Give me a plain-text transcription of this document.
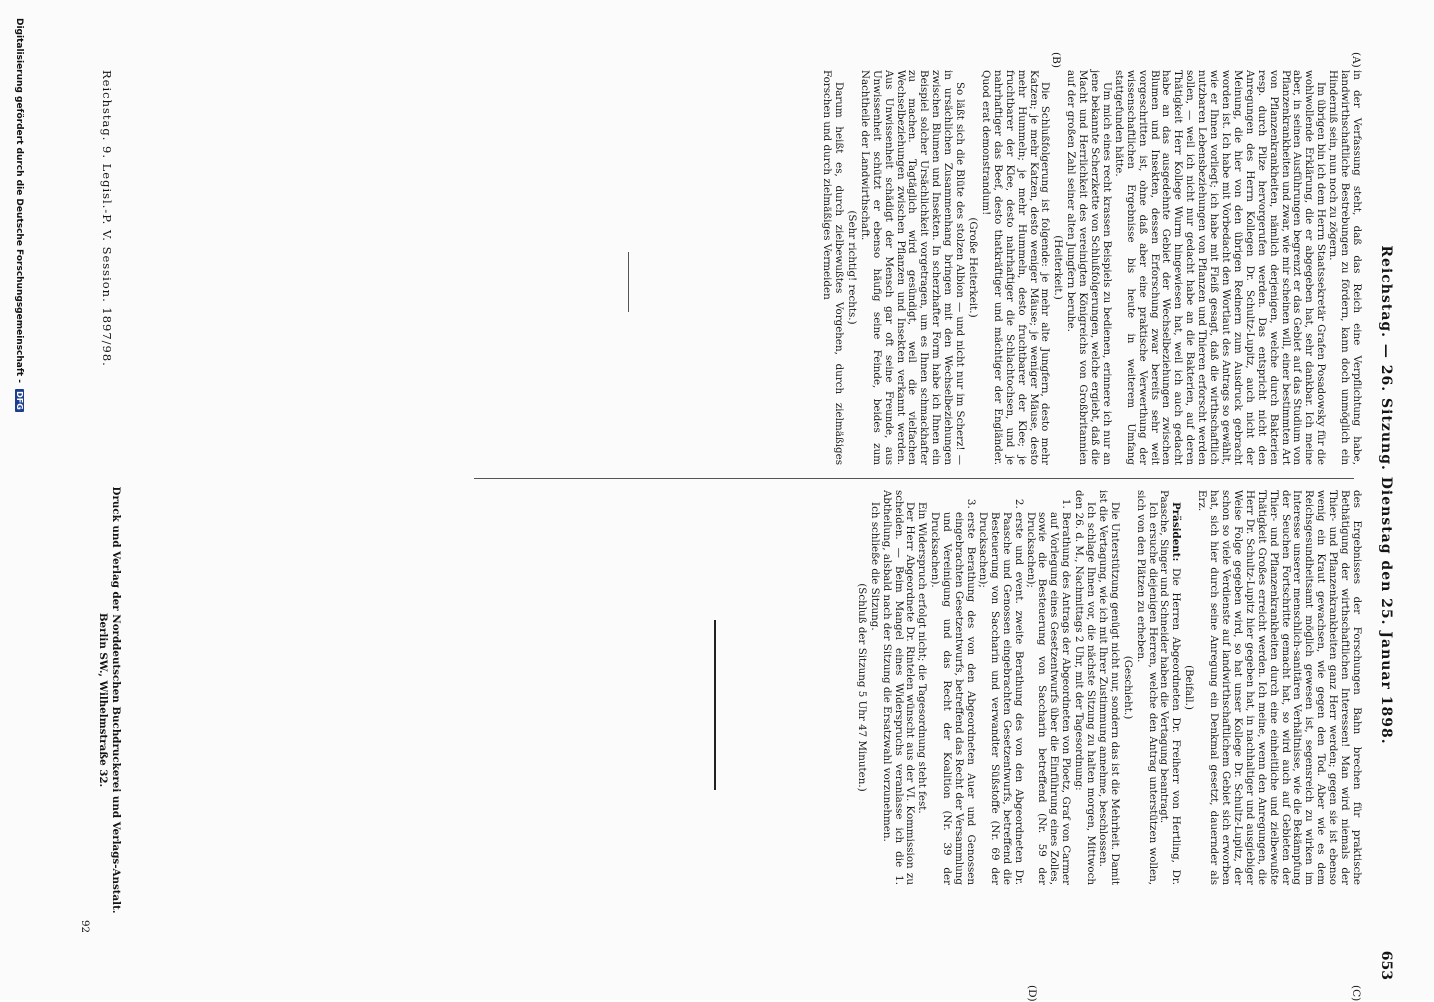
Reichstag. — 26. Sitzung. Dienstag den 25. Januar 1898.
653
(A)
(B)
(C)
(D)

in der Verfassung steht, daß das Reich eine Verpflichtung habe, landwirthschaftliche Bestrebungen zu fördern, kann doch unmöglich ein Hinderniß sein, nun noch zu zögern.

Im übrigen bin ich dem Herrn Staatssekretär Grafen Posadowsky für die wohlwollende Erklärung, die er abgegeben hat, sehr dankbar. Ich meine aber, in seinen Ausführungen begrenzt er das Gebiet auf das Studium von Pflanzenkrankheiten und zwar, wie mir scheinen will, einer bestimmten Art von Pflanzenkrankheiten, nämlich derjenigen, welche durch Bakterien resp. durch Pilze hervorgerufen werden. Das entspricht nicht den Anregungen des Herrn Kollegen Dr. Schultz-Lupitz, auch nicht der Meinung, die hier von den übrigen Rednern zum Ausdruck gebracht worden ist. Ich habe mit Vorbedacht den Wortlaut des Antrags so gewählt, wie er Ihnen vorliegt; ich habe mit Fleiß gesagt, daß die wirthschaftlich nutzbaren Lebensbeziehungen von Pflanzen und Thieren erforscht werden sollen, — weil ich nicht nur gedacht habe an die Bakterien, auf deren Thätigkeit Herr Kollege Wurm hingewiesen hat, weil ich auch gedacht habe an das ausgedehnte Gebiet der Wechselbeziehungen zwischen Blumen und Insekten, dessen Erforschung zwar bereits sehr weit vorgeschritten ist, ohne daß aber eine praktische Verwerthung der wissenschaftlichen Ergebnisse bis heute in weiterem Umfang stattgefunden hätte.

Um mich eines recht krassen Beispiels zu bedienen, erinnere ich nur an jene bekannte Scherzkette von Schlußfolgerungen, welche ergiebt, daß die Macht und Herrlichkeit des vereinigten Königreichs von Großbritannien auf der großen Zahl seiner alten Jungfern beruhe.

(Heiterkeit.)

Die Schlußfolgerung ist folgende: je mehr alte Jungfern, desto mehr Katzen; je mehr Katzen, desto weniger Mäuse; je weniger Mäuse, desto mehr Hummeln; je mehr Hummeln, desto fruchtbarer der Klee; je fruchtbarer der Klee, desto nahrhaftiger die Schlachtochsen, und je nahrhaftiger das Beef, desto thatkräftiger und mächtiger der Engländer. Quod erat demonstrandum!

(Große Heiterkeit.)

So läßt sich die Blüte des stolzen Albion — und nicht nur im Scherz! — in ursächlichen Zusammenhang bringen mit den Wechselbeziehungen zwischen Blumen und Insekten. In scherzhafter Form habe ich Ihnen ein Beispiel solcher Ursächlichkeit vorgetragen, um es Ihnen schmackhafter zu machen. Tagtäglich wird gesündigt, weil die vielfachen Wechselbeziehungen zwischen Pflanzen und Insekten verkannt werden. Aus Unwissenheit schädigt der Mensch gar oft seine Freunde, aus Unwissenheit schützt er ebenso häufig seine Feinde, beides zum Nachtheile der Landwirthschaft.

(Sehr richtig! rechts.)

Darum heißt es, durch zielbewußtes Vorgehen, durch zielmäßiges Forschen und durch zielmäßiges Vermeiden

des Ergebnisses der Forschungen Bahn brechen für praktische Bethätigung der wirthschaftlichen Interessen! Man wird niemals der Thier- und Pflanzenkrankheiten ganz Herr werden; gegen sie ist ebenso wenig ein Kraut gewachsen, wie gegen den Tod. Aber wie es dem Reichsgesundheitsamt möglich gewesen ist, segensreich zu wirken im Interesse unserer menschlich-sanitären Verhältnisse, wie die Bekämpfung der Seuchen Fortschritte gemacht hat, so wird auch auf Gebieten der Thier- und Pflanzenkrankheiten durch eine einheitliche und zielbewußte Thätigkeit Großes erreicht werden. Ich meine, wenn den Anregungen, die Herr Dr. Schultz-Lupitz hier gegeben hat, in nachhaltiger und ausgiebiger Weise Folge gegeben wird, so hat unser Kollege Dr. Schultz-Lupitz, der schon so viele Verdienste auf landwirthschaftlichem Gebiet sich erworben hat, sich hier durch seine Anregung ein Denkmal gesetzt, dauernder als Erz.

(Beifall.)

Präsident: Die Herren Abgeordneten Dr. Freiherr von Hertling, Dr. Paasche, Singer und Schneider haben die Vertagung beantragt.

Ich ersuche diejenigen Herren, welche den Antrag unterstützen wollen, sich von den Plätzen zu erheben.

(Geschieht.)

Die Unterstützung genügt nicht nur, sondern das ist die Mehrheit. Damit ist die Vertagung, wie ich mit Ihrer Zustimmung annehme, beschlossen.

Ich schlage Ihnen vor, die nächste Sitzung zu halten morgen, Mittwoch den 26. d. M., Nachmittags 2 Uhr, mit der Tagesordnung:

1. Berathung des Antrags der Abgeordneten von Ploetz, Graf von Carmer auf Vorlegung eines Gesetzentwurfs über die Einführung eines Zolles, sowie die Besteuerung von Saccharin betreffend (Nr. 59 der Drucksachen);
2. erste und event. zweite Berathung des von den Abgeordneten Dr. Paasche und Genossen eingebrachten Gesetzentwurfs, betreffend die Besteuerung von Saccharin und verwandter Süßstoffe (Nr. 69 der Drucksachen);
3. erste Berathung des von den Abgeordneten Auer und Genossen eingebrachten Gesetzentwurfs, betreffend das Recht der Versammlung und Vereinigung und das Recht der Koalition (Nr. 39 der Drucksachen).

Ein Widerspruch erfolgt nicht; die Tagesordnung steht fest.

Der Herr Abgeordnete Dr. Rintelen wünscht aus der VI. Kommission zu scheiden. — Beim Mangel eines Widerspruchs veranlasse ich die 1. Abtheilung, alsbald nach der Sitzung die Ersatzwahl vorzunehmen.

Ich schließe die Sitzung.

(Schluß der Sitzung 5 Uhr 47 Minuten.)
Druck und Verlag der Norddeutschen Buchdruckerei und Verlags-Anstalt.
Berlin SW., Wilhelmstraße 32.
92
Reichstag. 9. Legisl.-P. V. Session. 1897/98.
Digitalisierung gefördert durch die Deutsche Forschungsgemeinschaft - DFG
